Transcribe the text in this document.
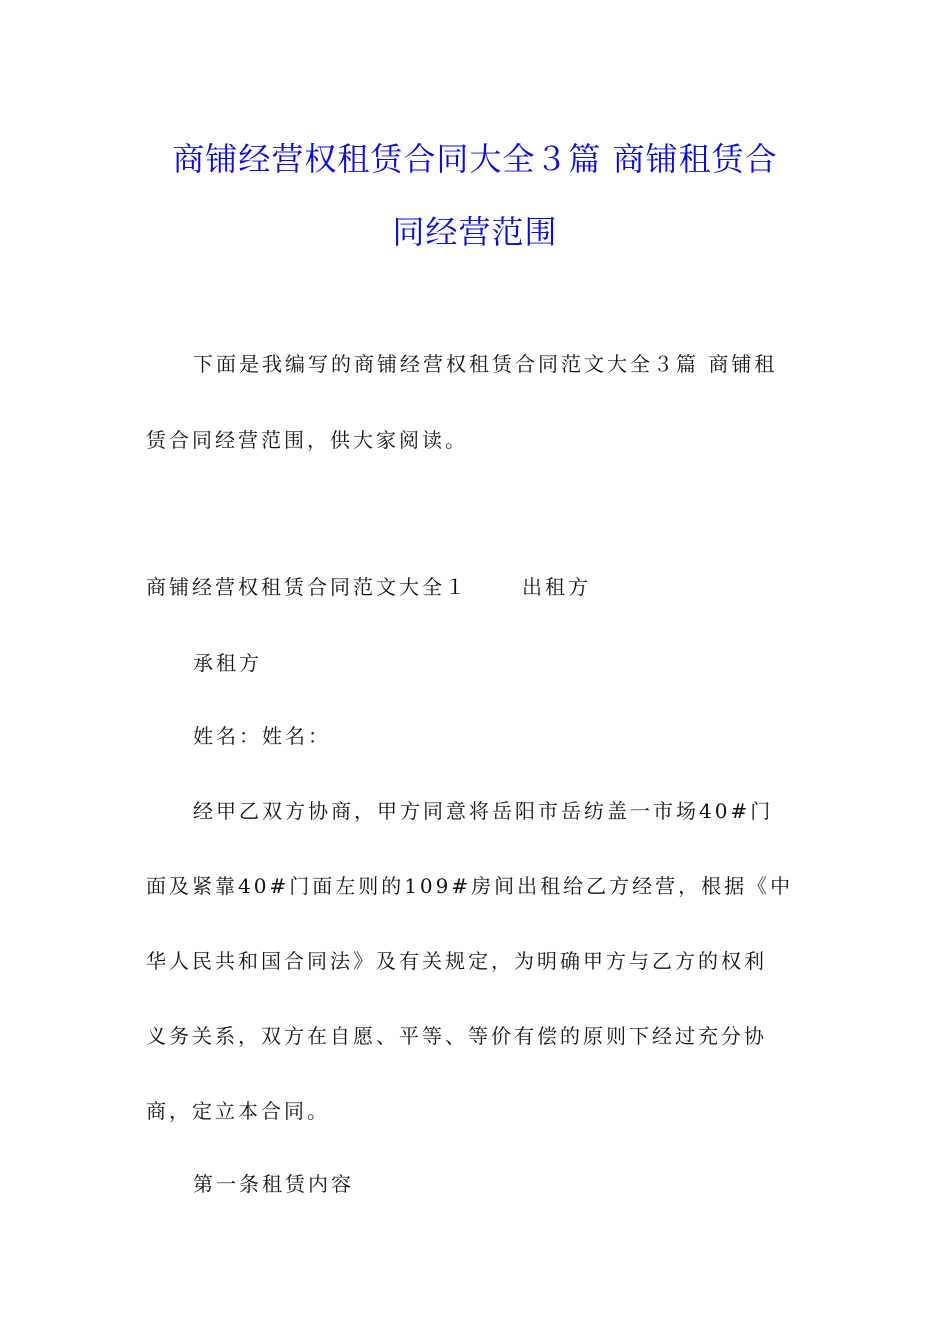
商铺经营权租赁合同大全３篇 商铺租赁合
同经营范围
下面是我编写的商铺经营权租赁合同范文大全３篇 商铺租
赁合同经营范围，供大家阅读。
商铺经营权租赁合同范文大全１	出租方
承租方
姓名：姓名：
经甲乙双方协商，甲方同意将岳阳市岳纺盖一市场40#门
面及紧靠40#门面左则的109#房间出租给乙方经营，根据《中
华人民共和国合同法》及有关规定，为明确甲方与乙方的权利
义务关系，双方在自愿、平等、等价有偿的原则下经过充分协
商，定立本合同。
第一条租赁内容
